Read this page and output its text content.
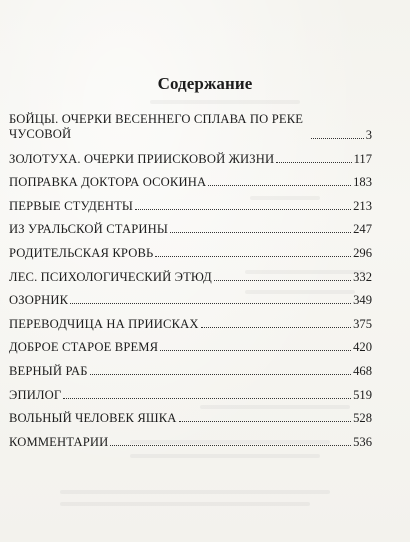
Содержание
БОЙЦЫ. ОЧЕРКИ ВЕСЕННЕГО СПЛАВА ПО РЕКЕ ЧУСОВОЙ	3
ЗОЛОТУХА. ОЧЕРКИ ПРИИСКОВОЙ ЖИЗНИ	117
ПОПРАВКА ДОКТОРА ОСОКИНА	183
ПЕРВЫЕ СТУДЕНТЫ	213
ИЗ УРАЛЬСКОЙ СТАРИНЫ	247
РОДИТЕЛЬСКАЯ КРОВЬ	296
ЛЕС. ПСИХОЛОГИЧЕСКИЙ ЭТЮД	332
ОЗОРНИК	349
ПЕРЕВОДЧИЦА НА ПРИИСКАХ	375
ДОБРОЕ СТАРОЕ ВРЕМЯ	420
ВЕРНЫЙ РАБ	468
ЭПИЛОГ	519
ВОЛЬНЫЙ ЧЕЛОВЕК ЯШКА	528
КОММЕНТАРИИ	536
